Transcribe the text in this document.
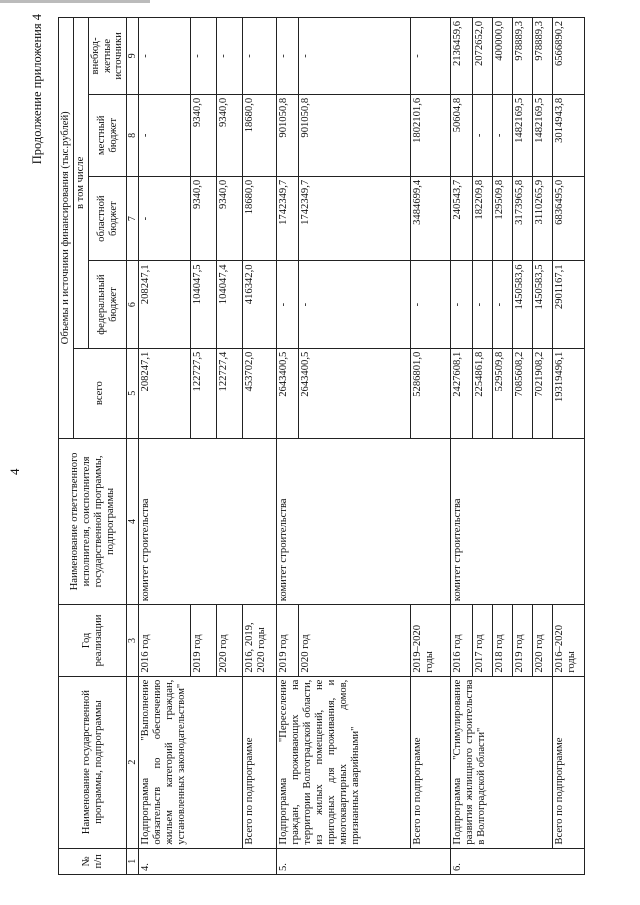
4
Продолжение приложения 4
№ п/п	Наименование государственной программы, подпрограммы	Год реализации	Наименование ответственного исполнителя, соисполнителя государственной программы, подпрограммы	Объемы и источники финансирования (тыс.рублей)				
				всего	в том числе			
					федеральный бюджет	областной бюджет	местный бюджет	внебюд-жетные источники
1	2	3	4	5	6	7	8	9
4.	Подпрограмма "Выполнение обязательств по обеспечению жильем категорий граждан, установленных законодательством"	2016 год	комитет строительства	208247,1	208247,1	-	-	-
		2019 год		122727,5	104047,5	9340,0	9340,0	-
		2020 год		122727,4	104047,4	9340,0	9340,0	-
	Всего по подпрограмме	2016, 2019, 2020 годы		453702,0	416342,0	18680,0	18680,0	-
5.	Подпрограмма "Переселение граждан, проживающих на территории Волгоградской области, из жилых помещений, не пригодных для проживания, и многоквартирных домов, признанных аварийными"	2019 год	комитет строительства	2643400,5	-	1742349,7	901050,8	-
		2020 год		2643400,5	-	1742349,7	901050,8	-
	Всего по подпрограмме	2019–2020 годы		5286801,0	-	3484699,4	1802101,6	-
6.	Подпрограмма "Стимулирование развития жилищного строительства в Волгоградской области"	2016 год	комитет строительства	2427608,1	-	240543,7	50604,8	2136459,6
		2017 год		2254861,8	-	182209,8	-	2072652,0
		2018 год		529509,8	-	129509,8	-	400000,0
		2019 год		7085608,2	1450583,6	3173965,8	1482169,5	978889,3
		2020 год		7021908,2	1450583,5	3110265,9	1482169,5	978889,3
	Всего по подпрограмме	2016–2020 годы		19319496,1	2901167,1	6836495,0	3014943,8	6566890,2
